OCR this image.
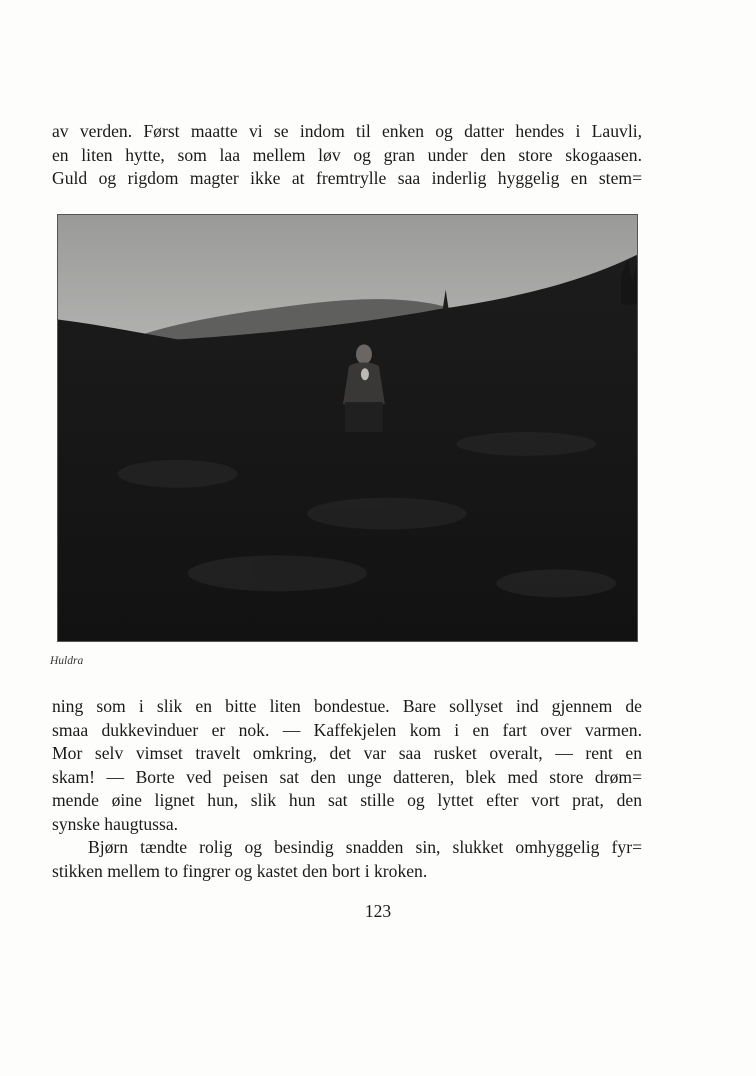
av verden. Først maatte vi se indom til enken og datter hendes i Lauvli,
en liten hytte, som laa mellem løv og gran under den store skogaasen.
Guld og rigdom magter ikke at fremtrylle saa inderlig hyggelig en stem=
Huldra
ning som i slik en bitte liten bondestue. Bare sollyset ind gjennem de
smaa dukkevinduer er nok. — Kaffekjelen kom i en fart over varmen.
Mor selv vimset travelt omkring, det var saa rusket overalt, — rent en
skam! — Borte ved peisen sat den unge datteren, blek med store drøm=
mende øine lignet hun, slik hun sat stille og lyttet efter vort prat, den
synske haugtussa.
Bjørn tændte rolig og besindig snadden sin, slukket omhyggelig fyr=
stikken mellem to fingrer og kastet den bort i kroken.
123
